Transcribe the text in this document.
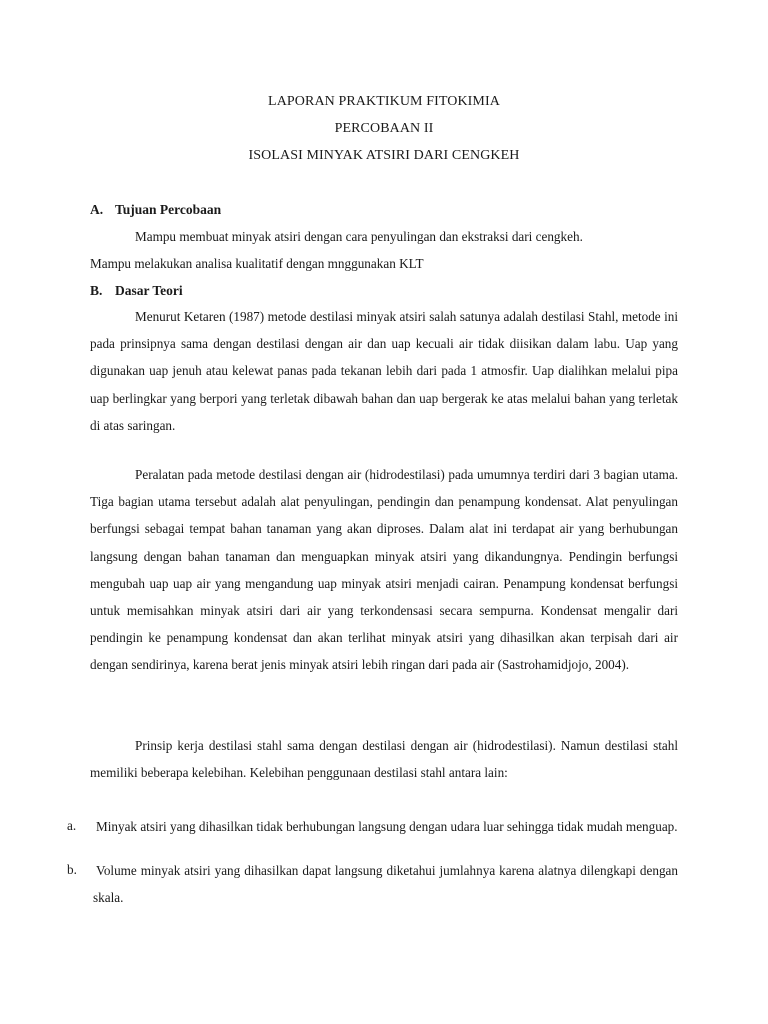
LAPORAN PRAKTIKUM FITOKIMIA
PERCOBAAN II
ISOLASI MINYAK ATSIRI DARI CENGKEH
A. Tujuan Percobaan
Mampu membuat minyak atsiri dengan cara penyulingan dan ekstraksi dari cengkeh.
Mampu melakukan analisa kualitatif dengan mnggunakan KLT
B. Dasar Teori

Menurut Ketaren (1987) metode destilasi minyak atsiri salah satunya adalah destilasi Stahl, metode ini pada prinsipnya sama dengan destilasi dengan air dan uap kecuali air tidak diisikan dalam labu. Uap yang digunakan uap jenuh atau kelewat panas pada tekanan lebih dari pada 1 atmosfir. Uap dialihkan melalui pipa uap berlingkar yang berpori yang terletak dibawah bahan dan uap bergerak ke atas melalui bahan yang terletak di atas saringan.

Peralatan pada metode destilasi dengan air (hidrodestilasi) pada umumnya terdiri dari 3 bagian utama. Tiga bagian utama tersebut adalah alat penyulingan, pendingin dan penampung kondensat. Alat penyulingan berfungsi sebagai tempat bahan tanaman yang akan diproses. Dalam alat ini terdapat air yang berhubungan langsung dengan bahan tanaman dan menguapkan minyak atsiri yang dikandungnya. Pendingin berfungsi mengubah uap uap air yang mengandung uap minyak atsiri menjadi cairan. Penampung kondensat berfungsi untuk memisahkan minyak atsiri dari air yang terkondensasi secara sempurna. Kondensat mengalir dari pendingin ke penampung kondensat dan akan terlihat minyak atsiri yang dihasilkan akan terpisah dari air dengan sendirinya, karena berat jenis minyak atsiri lebih ringan dari pada air (Sastrohamidjojo, 2004).

Prinsip kerja destilasi stahl sama dengan destilasi dengan air (hidrodestilasi). Namun destilasi stahl memiliki beberapa kelebihan. Kelebihan penggunaan destilasi stahl antara lain:

a. Minyak atsiri yang dihasilkan tidak berhubungan langsung dengan udara luar sehingga tidak mudah menguap.

b. Volume minyak atsiri yang dihasilkan dapat langsung diketahui jumlahnya karena alatnya dilengkapi dengan skala.
